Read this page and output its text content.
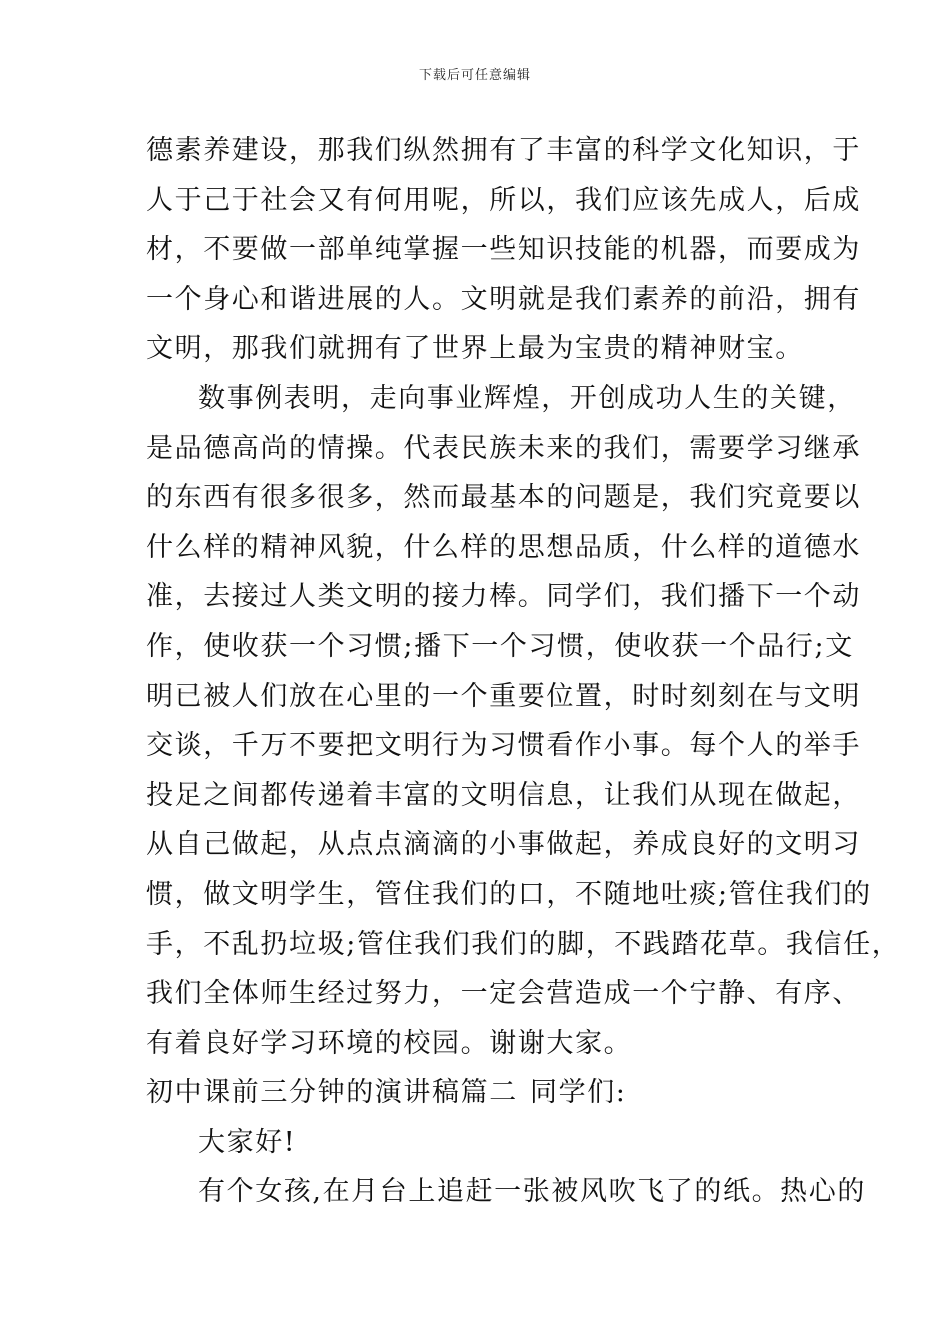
下载后可任意编辑
德素养建设，那我们纵然拥有了丰富的科学文化知识，于
人于己于社会又有何用呢，所以，我们应该先成人，后成
材，不要做一部单纯掌握一些知识技能的机器，而要成为
一个身心和谐进展的人。文明就是我们素养的前沿，拥有
文明，那我们就拥有了世界上最为宝贵的精神财宝。
数事例表明，走向事业辉煌，开创成功人生的关键，
是品德高尚的情操。代表民族未来的我们，需要学习继承
的东西有很多很多，然而最基本的问题是，我们究竟要以
什么样的精神风貌，什么样的思想品质，什么样的道德水
准，去接过人类文明的接力棒。同学们，我们播下一个动
作，使收获一个习惯;播下一个习惯，使收获一个品行;文
明已被人们放在心里的一个重要位置，时时刻刻在与文明
交谈，千万不要把文明行为习惯看作小事。每个人的举手
投足之间都传递着丰富的文明信息，让我们从现在做起，
从自己做起，从点点滴滴的小事做起，养成良好的文明习
惯，做文明学生，管住我们的口，不随地吐痰;管住我们的
手，不乱扔垃圾;管住我们我们的脚，不践踏花草。我信任，
我们全体师生经过努力，一定会营造成一个宁静、有序、
有着良好学习环境的校园。谢谢大家。
初中课前三分钟的演讲稿篇二 同学们:
大家好!
有个女孩,在月台上追赶一张被风吹飞了的纸。热心的
